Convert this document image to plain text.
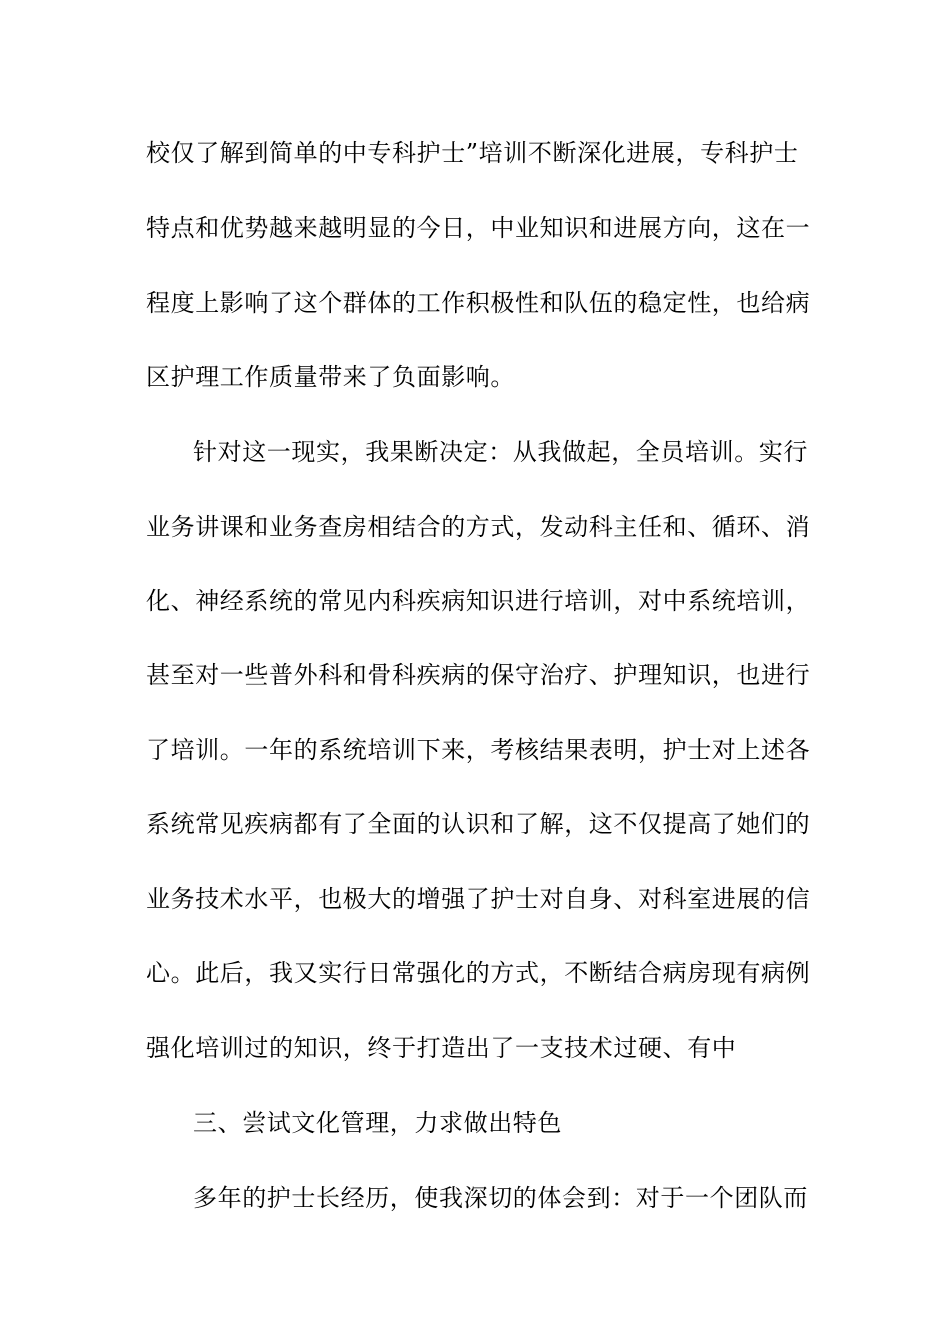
校仅了解到简单的中专科护士”培训不断深化进展，专科护士
特点和优势越来越明显的今日，中业知识和进展方向，这在一
程度上影响了这个群体的工作积极性和队伍的稳定性，也给病
区护理工作质量带来了负面影响。
针对这一现实，我果断决定：从我做起，全员培训。实行
业务讲课和业务查房相结合的方式，发动科主任和、循环、消
化、神经系统的常见内科疾病知识进行培训，对中系统培训，
甚至对一些普外科和骨科疾病的保守治疗、护理知识，也进行
了培训。一年的系统培训下来，考核结果表明，护士对上述各
系统常见疾病都有了全面的认识和了解，这不仅提高了她们的
业务技术水平，也极大的增强了护士对自身、对科室进展的信
心。此后，我又实行日常强化的方式，不断结合病房现有病例
强化培训过的知识，终于打造出了一支技术过硬、有中
三、尝试文化管理，力求做出特色
多年的护士长经历，使我深切的体会到：对于一个团队而
